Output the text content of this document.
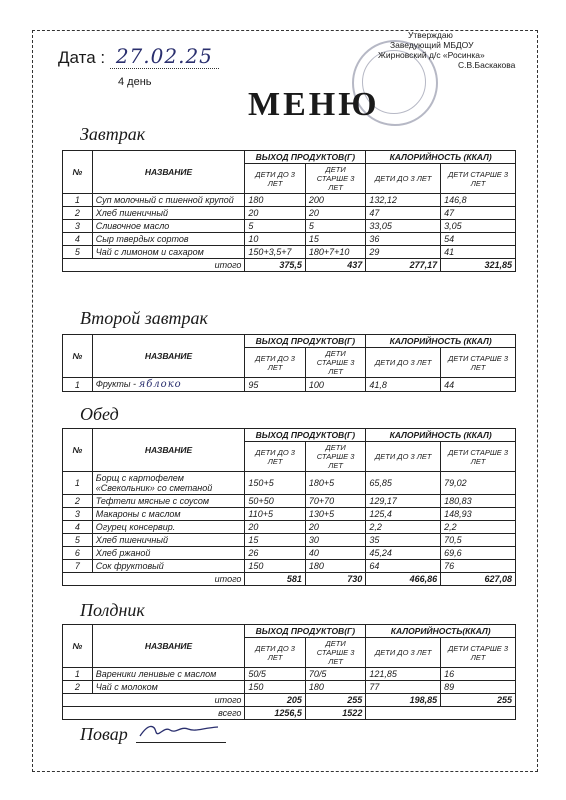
Дата : 27.02.25
4 день
Утверждаю
Заведующий МБДОУ
Жирновский д/с «Росинка»
С.В.Баскакова
МЕНЮ
Завтрак
№	НАЗВАНИЕ	ВЫХОД ПРОДУКТОВ(Г)		КАЛОРИЙНОСТЬ (ККАЛ)	
		ДЕТИ ДО 3 ЛЕТ	ДЕТИ СТАРШЕ 3 ЛЕТ	ДЕТИ ДО 3 ЛЕТ	ДЕТИ СТАРШЕ 3 ЛЕТ
1	Суп молочный с пшенной крупой	180	200	132,12	146,8
2	Хлеб пшеничный	20	20	47	47
3	Сливочное масло	5	5	33,05	3,05
4	Сыр твердых сортов	10	15	36	54
5	Чай с лимоном и сахаром	150+3,5+7	180+7+10	29	41
итого		375,5	437	277,17	321,85
Второй завтрак
№	НАЗВАНИЕ	ВЫХОД ПРОДУКТОВ(Г)		КАЛОРИЙНОСТЬ (ККАЛ)	
		ДЕТИ ДО 3 ЛЕТ	ДЕТИ СТАРШЕ 3 ЛЕТ	ДЕТИ ДО 3 ЛЕТ	ДЕТИ СТАРШЕ 3 ЛЕТ
1	Фрукты - яблоко	95	100	41,8	44
Обед
№	НАЗВАНИЕ	ВЫХОД ПРОДУКТОВ(Г)		КАЛОРИЙНОСТЬ (ККАЛ)	
		ДЕТИ ДО 3 ЛЕТ	ДЕТИ СТАРШЕ 3 ЛЕТ	ДЕТИ ДО 3 ЛЕТ	ДЕТИ СТАРШЕ 3 ЛЕТ
1	Борщ с картофелем «Свекольник» со сметаной	150+5	180+5	65,85	79,02
2	Тефтели мясные с соусом	50+50	70+70	129,17	180,83
3	Макароны с маслом	110+5	130+5	125,4	148,93
4	Огурец консервир.	20	20	2,2	2,2
5	Хлеб пшеничный	15	30	35	70,5
6	Хлеб ржаной	26	40	45,24	69,6
7	Сок фруктовый	150	180	64	76
итого		581	730	466,86	627,08
Полдник
№	НАЗВАНИЕ	ВЫХОД ПРОДУКТОВ(Г)		КАЛОРИЙНОСТЬ(ККАЛ)	
		ДЕТИ ДО 3 ЛЕТ	ДЕТИ СТАРШЕ 3 ЛЕТ	ДЕТИ ДО 3 ЛЕТ	ДЕТИ СТАРШЕ 3 ЛЕТ
1	Вареники ленивые с маслом	50/5	70/5	121,85	16
2	Чай с молоком	150	180	77	89
итого		205	255	198,85	255
всего		1256,5	1522		
Повар
